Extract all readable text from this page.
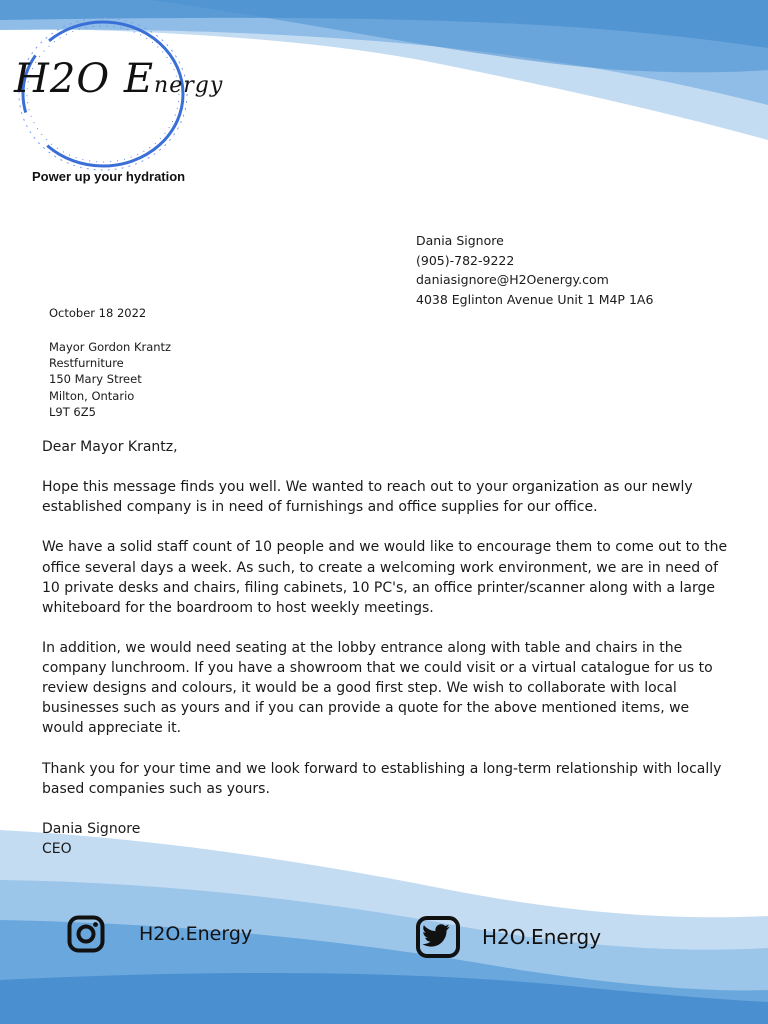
H2O Energy
Power up your hydration
Dania Signore
(905)-782-9222
daniasignore@H2Oenergy.com
4038 Eglinton Avenue Unit 1 M4P 1A6
October 18 2022
Mayor Gordon Krantz
Restfurniture
150 Mary Street
Milton, Ontario
L9T 6Z5

Dear Mayor Krantz,

Hope this message finds you well. We wanted to reach out to your organization as our newly established company is in need of furnishings and office supplies for our office.

We have a solid staff count of 10 people and we would like to encourage them to come out to the office several days a week. As such, to create a welcoming work environment, we are in need of 10 private desks and chairs, filing cabinets, 10 PC's, an office printer/scanner along with a large whiteboard for the boardroom to host weekly meetings.

In addition, we would need seating at the lobby entrance along with table and chairs in the company lunchroom. If you have a showroom that we could visit or a virtual catalogue for us to review designs and colours, it would be a good first step. We wish to collaborate with local businesses such as yours and if you can provide a quote for the above mentioned items, we would appreciate it.

Thank you for your time and we look forward to establishing a long-term relationship with locally based companies such as yours.

Dania Signore
CEO
H2O.Energy	H2O.Energy
